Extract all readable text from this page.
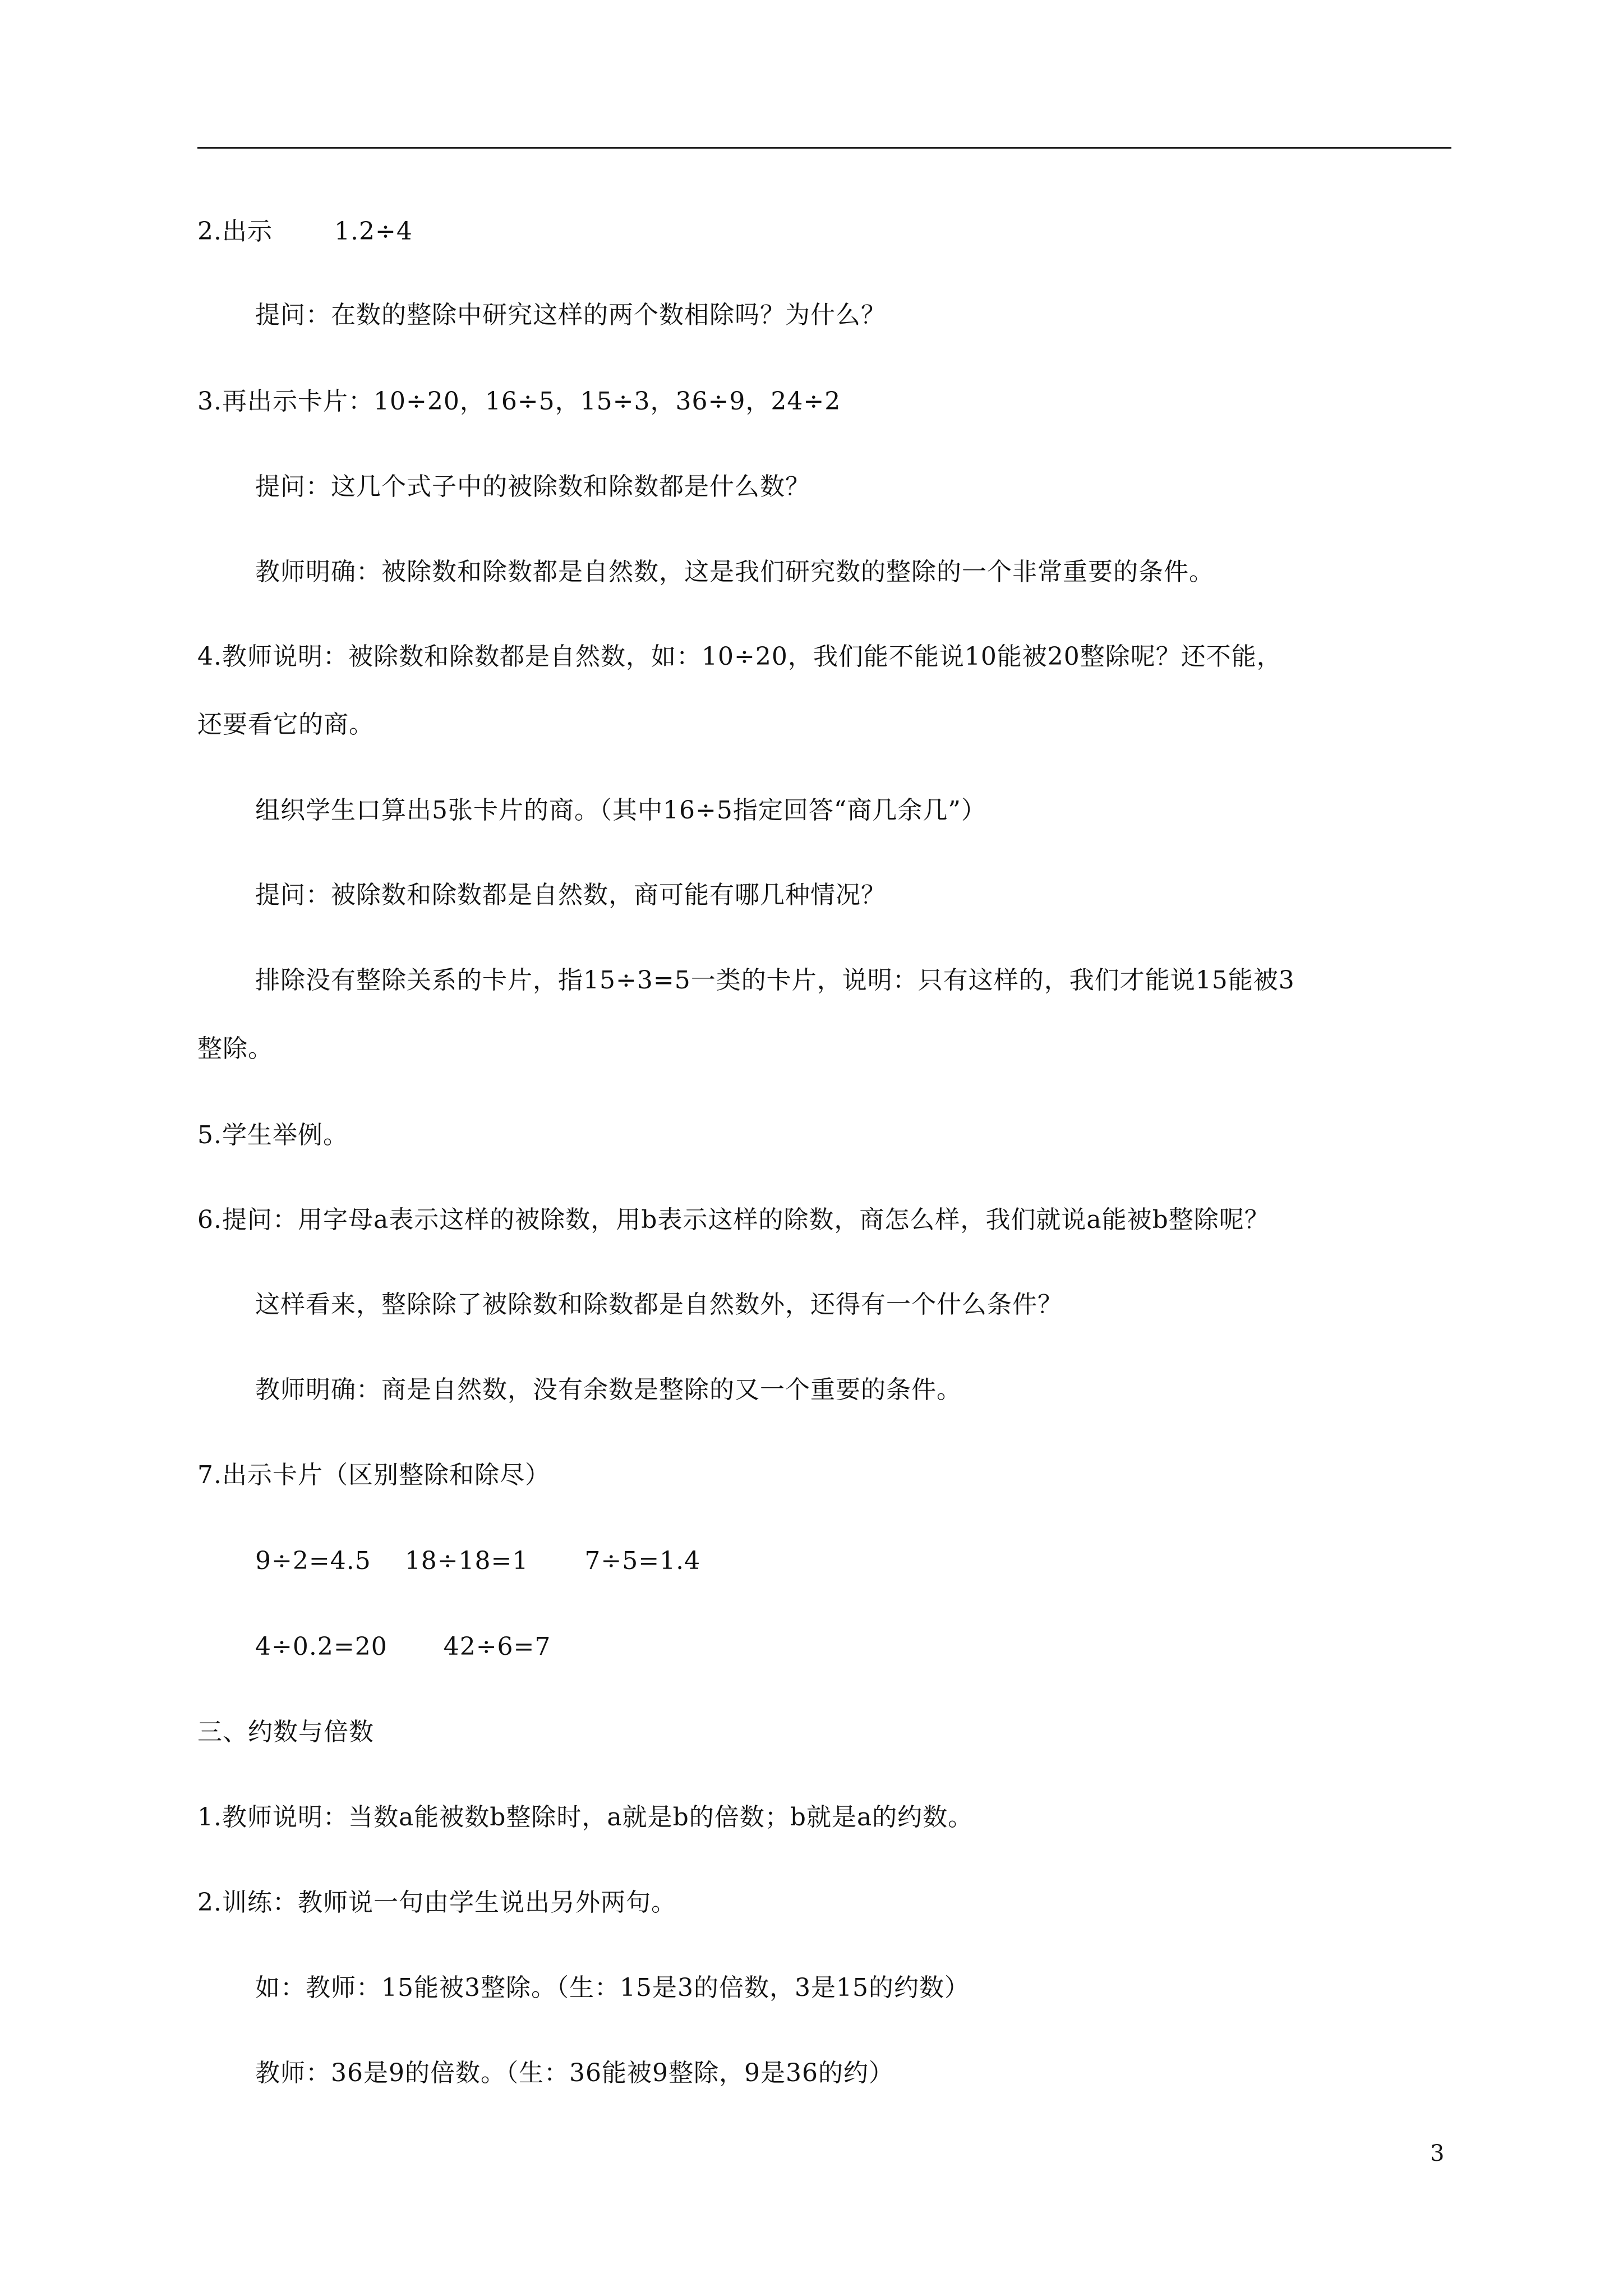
2.出示	1.2÷4
提问：在数的整除中研究这样的两个数相除吗？为什么？
3.再出示卡片：10÷20，16÷5，15÷3，36÷9，24÷2
提问：这几个式子中的被除数和除数都是什么数？
教师明确：被除数和除数都是自然数，这是我们研究数的整除的一个非常重要的条件。
4.教师说明：被除数和除数都是自然数，如：10÷20，我们能不能说10能被20整除呢？还不能，
还要看它的商。
组织学生口算出5张卡片的商。（其中16÷5指定回答“商几余几”）
提问：被除数和除数都是自然数，商可能有哪几种情况？
排除没有整除关系的卡片，指15÷3=5一类的卡片，说明：只有这样的，我们才能说15能被3
整除。
5.学生举例。
6.提问：用字母a表示这样的被除数，用b表示这样的除数，商怎么样，我们就说a能被b整除呢？
这样看来，整除除了被除数和除数都是自然数外，还得有一个什么条件？
教师明确：商是自然数，没有余数是整除的又一个重要的条件。
7.出示卡片（区别整除和除尽）
9÷2=4.5 18÷18=1 7÷5=1.4
4÷0.2=20 42÷6=7
三、约数与倍数
1.教师说明：当数a能被数b整除时，a就是b的倍数；b就是a的约数。
2.训练：教师说一句由学生说出另外两句。
如：教师：15能被3整除。（生：15是3的倍数，3是15的约数）
教师：36是9的倍数。（生：36能被9整除，9是36的约）
3
